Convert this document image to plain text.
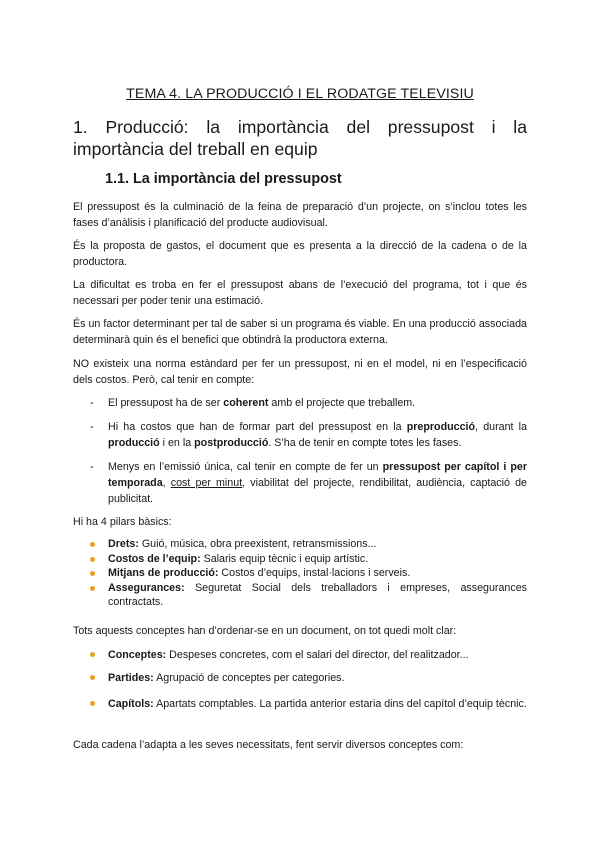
TEMA 4. LA PRODUCCIÓ I EL RODATGE TELEVISIU
1. Producció: la importància del pressupost i la
importància del treball en equip
1.1. La importància del pressupost

El pressupost és la culminació de la feina de preparació d’un projecte, on s’inclou totes les fases d’anàlisis i planificació del producte audiovisual.

És la proposta de gastos, el document que es presenta a la direcció de la cadena o de la productora.

La dificultat es troba en fer el pressupost abans de l’execució del programa, tot i que és necessari per poder tenir una estimació.

És un factor determinant per tal de saber si un programa és viable. En una producció associada determinarà quin és el benefici que obtindrà la productora externa.

NO existeix una norma estàndard per fer un pressupost, ni en el model, ni en l’especificació dels costos. Però, cal tenir en compte:

- El pressupost ha de ser coherent amb el projecte que treballem.
- Hi ha costos que han de formar part del pressupost en la preproducció, durant la producció i en la postproducció. S’ha de tenir en compte totes les fases.
- Menys en l’emissió única, cal tenir en compte de fer un pressupost per capítol i per temporada, cost per minut, viabilitat del projecte, rendibilitat, audiència, captació de publicitat.

Hi ha 4 pilars bàsics:

Drets: Guió, música, obra preexistent, retransmissions...
Costos de l’equip: Salaris equip tècnic i equip artístic.
Mitjans de producció: Costos d’equips, instal·lacions i serveis.
Assegurances: Seguretat Social dels treballadors i empreses, assegurances contractats.

Tots aquests conceptes han d’ordenar-se en un document, on tot quedi molt clar:

Conceptes: Despeses concretes, com el salari del director, del realitzador...
Partides: Agrupació de conceptes per categories.
Capítols: Apartats comptables. La partida anterior estaria dins del capítol d’equip tècnic.

Cada cadena l’adapta a les seves necessitats, fent servir diversos conceptes com:
